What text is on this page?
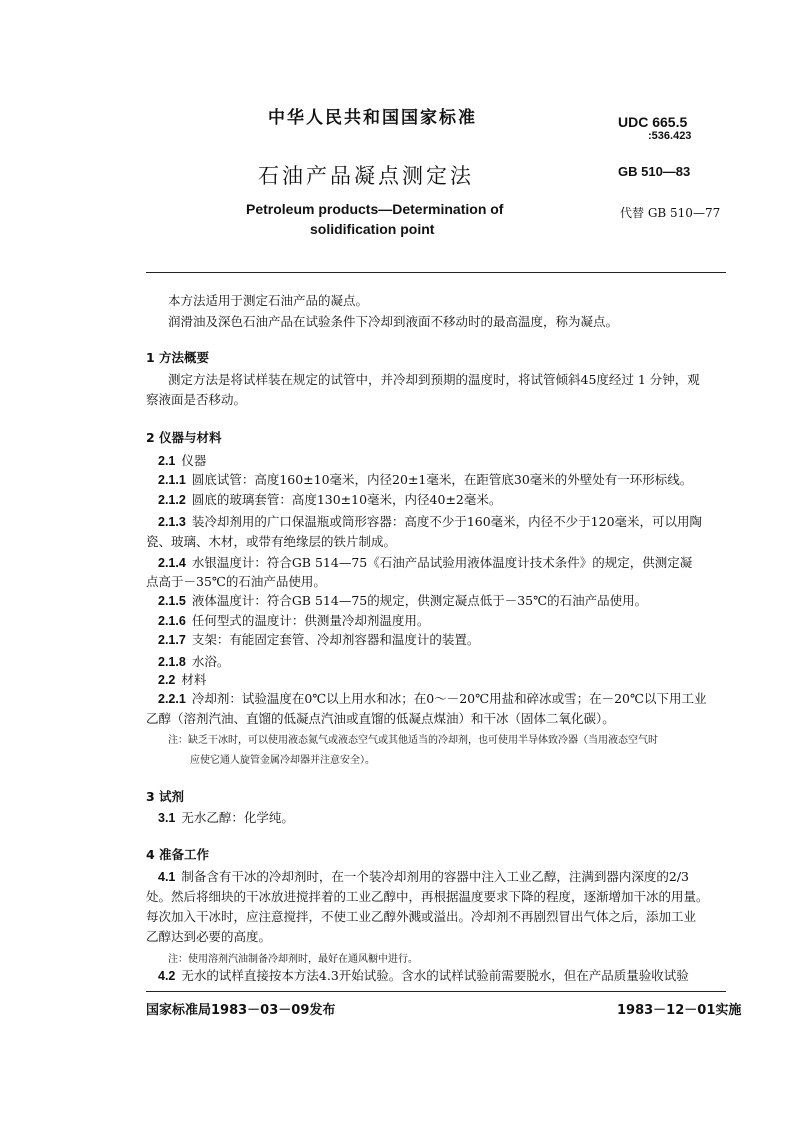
中华人民共和国国家标准	UDC 665.5
:536.423
石油产品凝点测定法	GB 510—83
Petroleum products—Determination of
solidification point
代替 GB 510—77
本方法适用于测定石油产品的凝点。
润滑油及深色石油产品在试验条件下冷却到液面不移动时的最高温度，称为凝点。
1 方法概要
测定方法是将试样装在规定的试管中，并冷却到预期的温度时，将试管倾斜45度经过 1 分钟，观
察液面是否移动。
2 仪器与材料
2.1 仪器
2.1.1 圆底试管：高度160±10毫米，内径20±1毫米，在距管底30毫米的外壁处有一环形标线。
2.1.2 圆底的玻璃套管：高度130±10毫米，内径40±2毫米。
2.1.3 装冷却剂用的广口保温瓶或筒形容器：高度不少于160毫米，内径不少于120毫米，可以用陶
瓷、玻璃、木材，或带有绝缘层的铁片制成。
2.1.4 水银温度计：符合GB 514—75《石油产品试验用液体温度计技术条件》的规定，供测定凝
点高于－35℃的石油产品使用。
2.1.5 液体温度计：符合GB 514—75的规定，供测定凝点低于－35℃的石油产品使用。
2.1.6 任何型式的温度计：供测量冷却剂温度用。
2.1.7 支架：有能固定套管、冷却剂容器和温度计的装置。
2.1.8 水浴。
2.2 材料
2.2.1 冷却剂：试验温度在0℃以上用水和冰；在0～－20℃用盐和碎冰或雪；在－20℃以下用工业
乙醇（溶剂汽油、直馏的低凝点汽油或直馏的低凝点煤油）和干冰（固体二氧化碳）。
注：缺乏干冰时，可以使用液态氮气或液态空气或其他适当的冷却剂，也可使用半导体致冷器（当用液态空气时
应使它通人旋管金属冷却器并注意安全）。
3 试剂
3.1 无水乙醇：化学纯。
4 准备工作
4.1 制备含有干冰的冷却剂时，在一个装冷却剂用的容器中注入工业乙醇，注满到器内深度的2/3
处。然后将细块的干冰放进搅拌着的工业乙醇中，再根据温度要求下降的程度，逐渐增加干冰的用量。
每次加入干冰时，应注意搅拌，不使工业乙醇外溅或溢出。冷却剂不再剧烈冒出气体之后，添加工业
乙醇达到必要的高度。
注：使用溶剂汽油制备冷却剂时，最好在通风橱中进行。
4.2 无水的试样直接按本方法4.3开始试验。含水的试样试验前需要脱水，但在产品质量验收试验
国家标准局1983－03－09发布	1983－12－01实施
